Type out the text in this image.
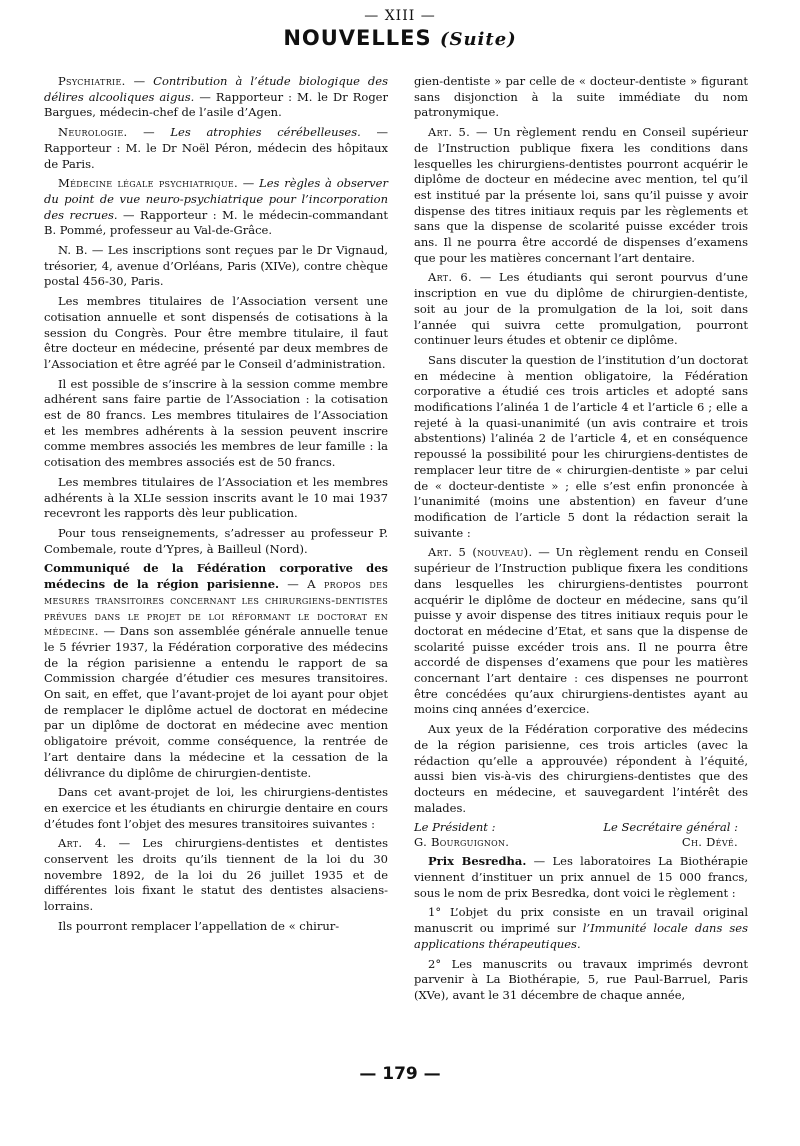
— XIII —
NOUVELLES (Suite)

Psychiatrie. — Contribution à l’étude biologique des délires alcooliques aigus. — Rapporteur : M. le Dr Roger Bargues, médecin-chef de l’asile d’Agen.

Neurologie. — Les atrophies cérébelleuses. — Rapporteur : M. le Dr Noël Péron, médecin des hôpitaux de Paris.

Médecine légale psychiatrique. — Les règles à observer du point de vue neuro-psychiatrique pour l’incorporation des recrues. — Rapporteur : M. le médecin-commandant B. Pommé, professeur au Val-de-Grâce.

N. B. — Les inscriptions sont reçues par le Dr Vignaud, trésorier, 4, avenue d’Orléans, Paris (XIVe), contre chèque postal 456-30, Paris.

Les membres titulaires de l’Association versent une cotisation annuelle et sont dispensés de cotisations à la session du Congrès. Pour être membre titulaire, il faut être docteur en médecine, présenté par deux membres de l’Association et être agréé par le Conseil d’administration.

Il est possible de s’inscrire à la session comme membre adhérent sans faire partie de l’Association : la cotisation est de 80 francs. Les membres titulaires de l’Association et les membres adhérents à la session peuvent inscrire comme membres associés les membres de leur famille : la cotisation des membres associés est de 50 francs.

Les membres titulaires de l’Association et les membres adhérents à la XLIe session inscrits avant le 10 mai 1937 recevront les rapports dès leur publication.

Pour tous renseignements, s’adresser au professeur P. Combemale, route d’Ypres, à Bailleul (Nord).

Communiqué de la Fédération corporative des médecins de la région parisienne. — A propos des mesures transitoires concernant les chirurgiens-dentistes prévues dans le projet de loi réformant le doctorat en médecine. — Dans son assemblée générale annuelle tenue le 5 février 1937, la Fédération corporative des médecins de la région parisienne a entendu le rapport de sa Commission chargée d’étudier ces mesures transitoires. On sait, en effet, que l’avant-projet de loi ayant pour objet de remplacer le diplôme actuel de doctorat en médecine par un diplôme de doctorat en médecine avec mention obligatoire prévoit, comme conséquence, la rentrée de l’art dentaire dans la médecine et la cessation de la délivrance du diplôme de chirurgien-dentiste.

Dans cet avant-projet de loi, les chirurgiens-dentistes en exercice et les étudiants en chirurgie dentaire en cours d’études font l’objet des mesures transitoires suivantes :

Art. 4. — Les chirurgiens-dentistes et dentistes conservent les droits qu’ils tiennent de la loi du 30 novembre 1892, de la loi du 26 juillet 1935 et de différentes lois fixant le statut des dentistes alsaciens-lorrains.

Ils pourront remplacer l’appellation de « chirur-

gien-dentiste » par celle de « docteur-dentiste » figurant sans disjonction à la suite immédiate du nom patronymique.

Art. 5. — Un règlement rendu en Conseil supérieur de l’Instruction publique fixera les conditions dans lesquelles les chirurgiens-dentistes pourront acquérir le diplôme de docteur en médecine avec mention, tel qu’il est institué par la présente loi, sans qu’il puisse y avoir dispense des titres initiaux requis par les règlements et sans que la dispense de scolarité puisse excéder trois ans. Il ne pourra être accordé de dispenses d’examens que pour les matières concernant l’art dentaire.

Art. 6. — Les étudiants qui seront pourvus d’une inscription en vue du diplôme de chirurgien-dentiste, soit au jour de la promulgation de la loi, soit dans l’année qui suivra cette promulgation, pourront continuer leurs études et obtenir ce diplôme.

Sans discuter la question de l’institution d’un doctorat en médecine à mention obligatoire, la Fédération corporative a étudié ces trois articles et adopté sans modifications l’alinéa 1 de l’article 4 et l’article 6 ; elle a rejeté à la quasi-unanimité (un avis contraire et trois abstentions) l’alinéa 2 de l’article 4, et en conséquence repoussé la possibilité pour les chirurgiens-dentistes de remplacer leur titre de « chirurgien-dentiste » par celui de « docteur-dentiste » ; elle s’est enfin prononcée à l’unanimité (moins une abstention) en faveur d’une modification de l’article 5 dont la rédaction serait la suivante :

Art. 5 (nouveau). — Un règlement rendu en Conseil supérieur de l’Instruction publique fixera les conditions dans lesquelles les chirurgiens-dentistes pourront acquérir le diplôme de docteur en médecine, sans qu’il puisse y avoir dispense des titres initiaux requis pour le doctorat en médecine d’Etat, et sans que la dispense de scolarité puisse excéder trois ans. Il ne pourra être accordé de dispenses d’examens que pour les matières concernant l’art dentaire : ces dispenses ne pourront être concédées qu’aux chirurgiens-dentistes ayant au moins cinq années d’exercice.

Aux yeux de la Fédération corporative des médecins de la région parisienne, ces trois articles (avec la rédaction qu’elle a approuvée) répondent à l’équité, aussi bien vis-à-vis des chirurgiens-dentistes que des docteurs en médecine, et sauvegardent l’intérêt des malades.

Le Président :	Le Secrétaire général :
G. Bourguignon.	Ch. Dévé.

Prix Besredha. — Les laboratoires La Biothérapie viennent d’instituer un prix annuel de 15 000 francs, sous le nom de prix Besredka, dont voici le règlement :

1° L’objet du prix consiste en un travail original manuscrit ou imprimé sur l’Immunité locale dans ses applications thérapeutiques.

2° Les manuscrits ou travaux imprimés devront parvenir à La Biothérapie, 5, rue Paul-Barruel, Paris (XVe), avant le 31 décembre de chaque année,

— 179 —
